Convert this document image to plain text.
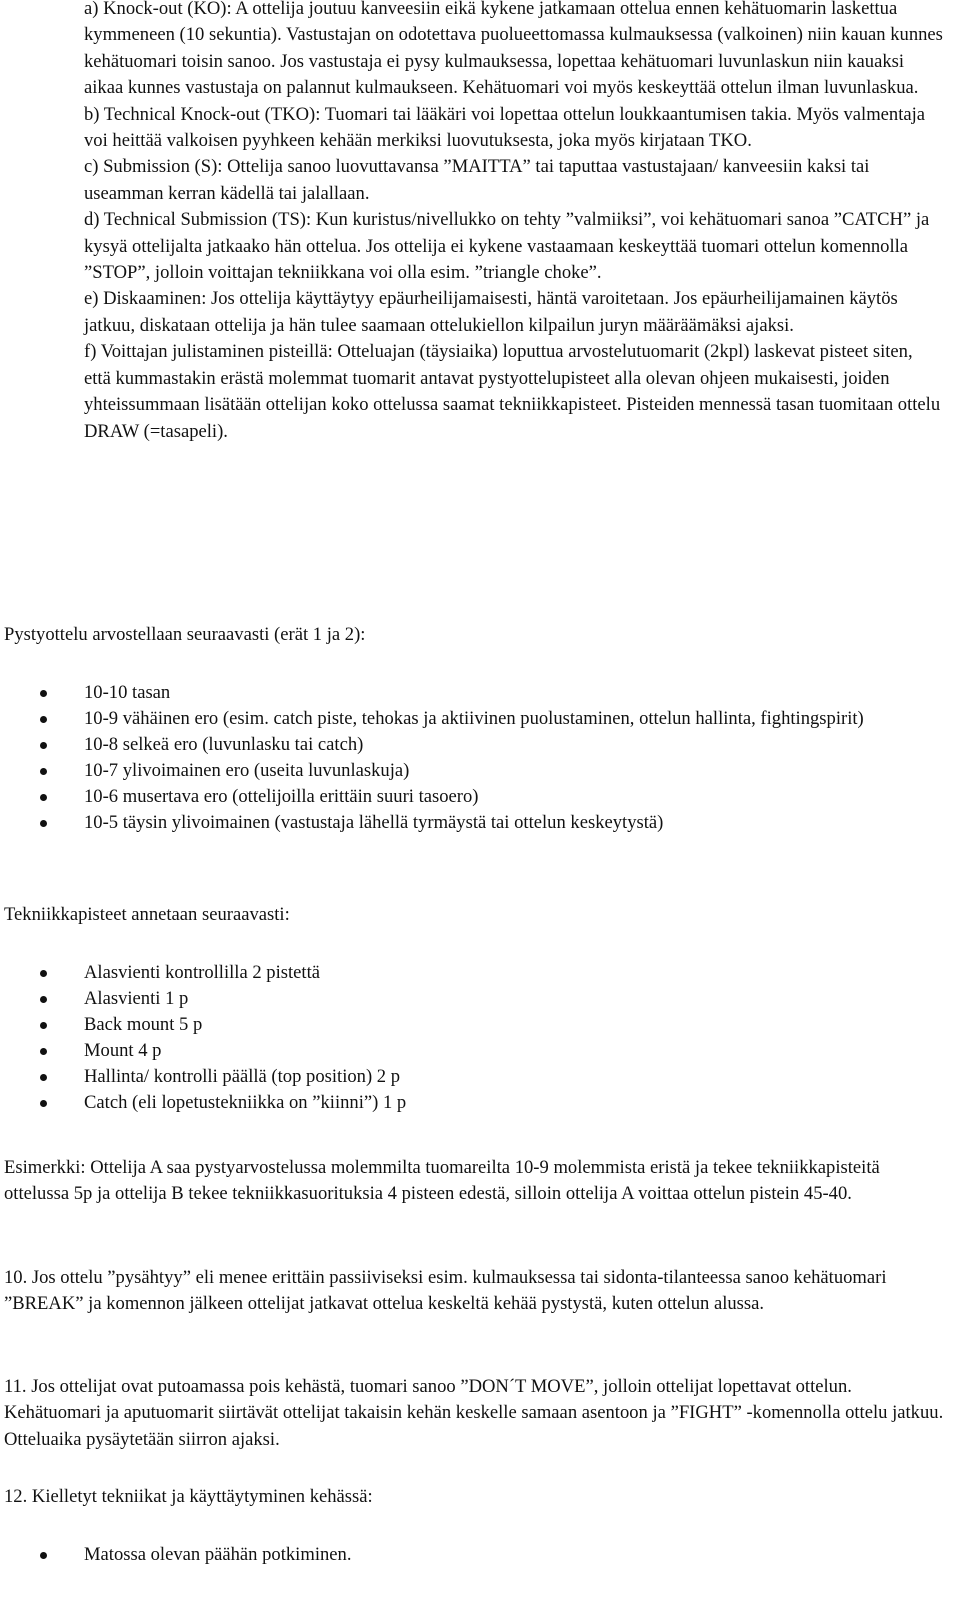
a) Knock-out (KO): A ottelija joutuu kanveesiin eikä kykene jatkamaan ottelua ennen kehätuomarin laskettua kymmeneen (10 sekuntia). Vastustajan on odotettava puolueettomassa kulmauksessa (valkoinen) niin kauan kunnes kehätuomari toisin sanoo. Jos vastustaja ei pysy kulmauksessa, lopettaa kehätuomari luvunlaskun niin kauaksi aikaa kunnes vastustaja on palannut kulmaukseen. Kehätuomari voi myös keskeyttää ottelun ilman luvunlaskua.

b) Technical Knock-out (TKO): Tuomari tai lääkäri voi lopettaa ottelun loukkaantumisen takia. Myös valmentaja voi heittää valkoisen pyyhkeen kehään merkiksi luovutuksesta, joka myös kirjataan TKO.

c) Submission (S): Ottelija sanoo luovuttavansa ”MAITTA” tai taputtaa vastustajaan/ kanveesiin kaksi tai useamman kerran kädellä tai jalallaan.

d) Technical Submission (TS): Kun kuristus/nivellukko on tehty ”valmiiksi”, voi kehätuomari sanoa ”CATCH” ja kysyä ottelijalta jatkaako hän ottelua. Jos ottelija ei kykene vastaamaan keskeyttää tuomari ottelun komennolla ”STOP”, jolloin voittajan tekniikkana voi olla esim. ”triangle choke”.

e) Diskaaminen: Jos ottelija käyttäytyy epäurheilijamaisesti, häntä varoitetaan. Jos epäurheilijamainen käytös jatkuu, diskataan ottelija ja hän tulee saamaan ottelukiellon kilpailun juryn määräämäksi ajaksi.

f) Voittajan julistaminen pisteillä: Otteluajan (täysiaika) loputtua arvostelutuomarit (2kpl) laskevat pisteet siten, että kummastakin erästä molemmat tuomarit antavat pystyottelupisteet alla olevan ohjeen mukaisesti, joiden yhteissummaan lisätään ottelijan koko ottelussa saamat tekniikkapisteet. Pisteiden mennessä tasan tuomitaan ottelu DRAW (=tasapeli).

Pystyottelu arvostellaan seuraavasti (erät 1 ja 2):

10-10 tasan
10-9 vähäinen ero (esim. catch piste, tehokas ja aktiivinen puolustaminen, ottelun hallinta, fightingspirit)
10-8 selkeä ero (luvunlasku tai catch)
10-7 ylivoimainen ero (useita luvunlaskuja)
10-6 musertava ero (ottelijoilla erittäin suuri tasoero)
10-5 täysin ylivoimainen (vastustaja lähellä tyrmäystä tai ottelun keskeytystä)

Tekniikkapisteet annetaan seuraavasti:

Alasvienti kontrollilla 2 pistettä
Alasvienti 1 p
Back mount 5 p
Mount 4 p
Hallinta/ kontrolli päällä (top position) 2 p
Catch (eli lopetustekniikka on ”kiinni”) 1 p

Esimerkki: Ottelija A saa pystyarvostelussa molemmilta tuomareilta 10-9 molemmista eristä ja tekee tekniikkapisteitä ottelussa 5p ja ottelija B tekee tekniikkasuorituksia 4 pisteen edestä, silloin ottelija A voittaa ottelun pistein 45-40.

10. Jos ottelu ”pysähtyy” eli menee erittäin passiiviseksi esim. kulmauksessa tai sidonta-tilanteessa sanoo kehätuomari ”BREAK” ja komennon jälkeen ottelijat jatkavat ottelua keskeltä kehää pystystä, kuten ottelun alussa.

11. Jos ottelijat ovat putoamassa pois kehästä, tuomari sanoo ”DON´T MOVE”, jolloin ottelijat lopettavat ottelun. Kehätuomari ja aputuomarit siirtävät ottelijat takaisin kehän keskelle samaan asentoon ja ”FIGHT” -komennolla ottelu jatkuu. Otteluaika pysäytetään siirron ajaksi.

12. Kielletyt tekniikat ja käyttäytyminen kehässä:

Matossa olevan päähän potkiminen.
